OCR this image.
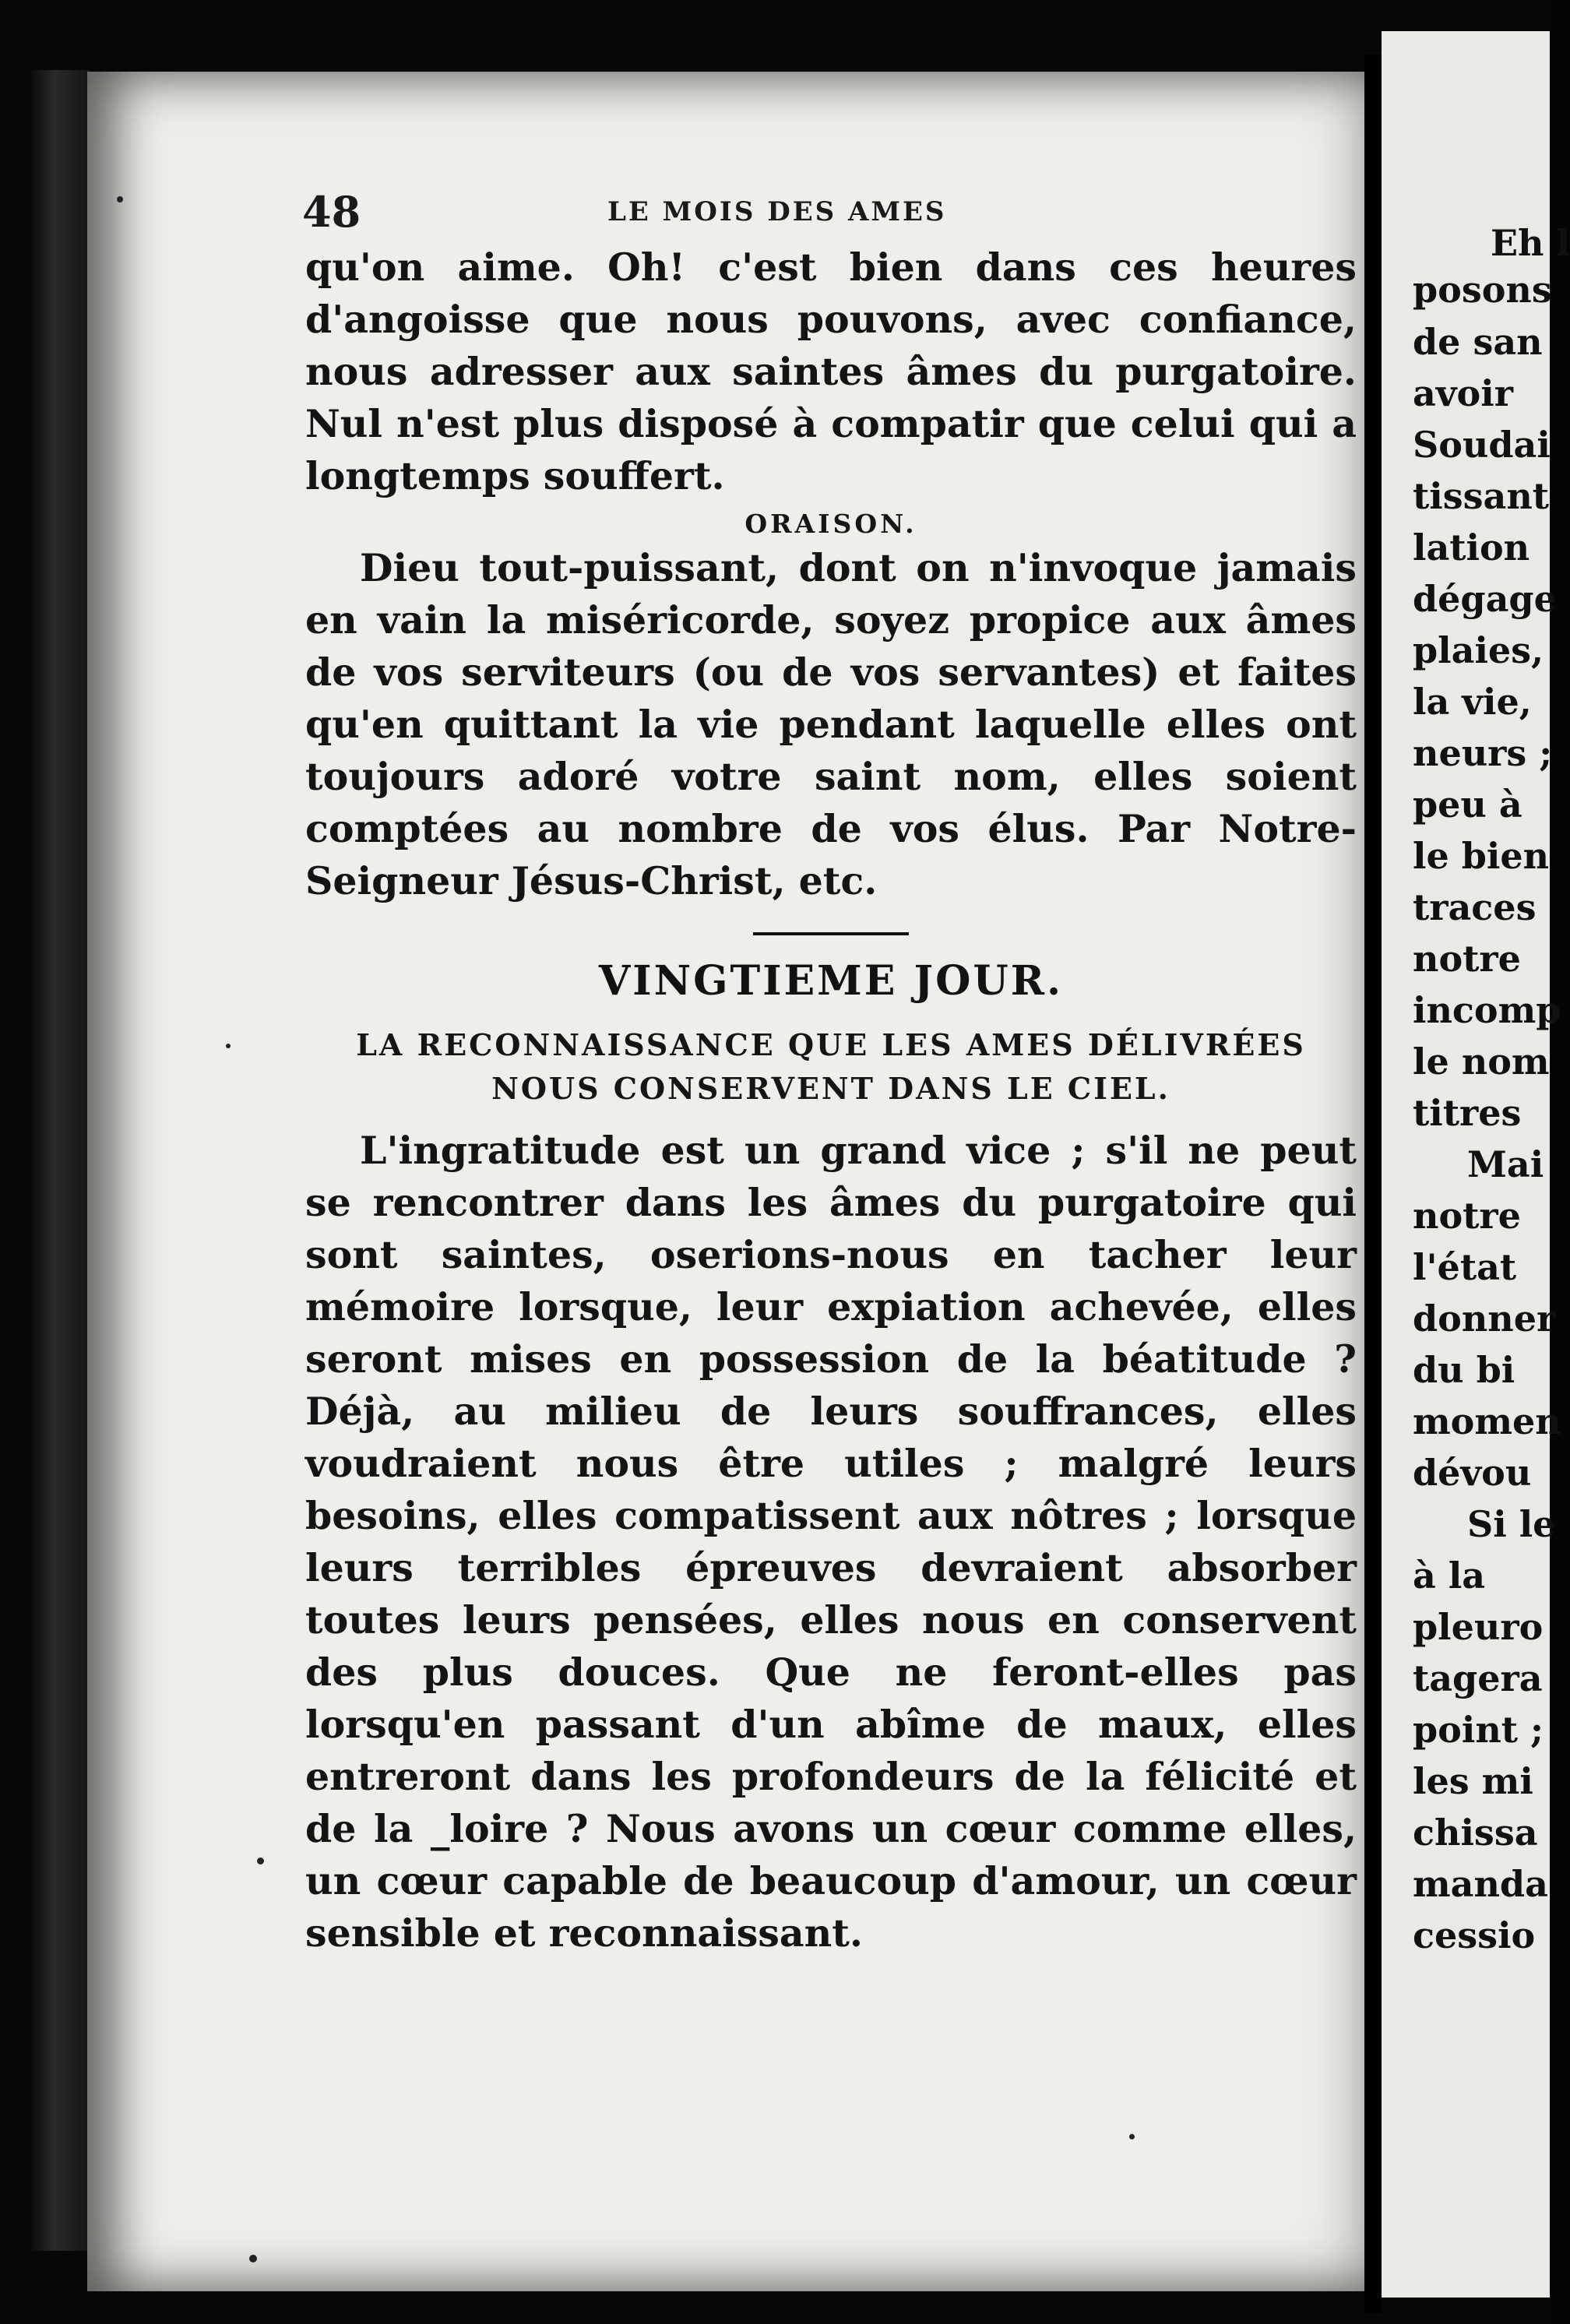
Eh l
posons
de san
avoir
Soudai
tissant
lation
dégage
plaies,
la vie,
neurs ;
peu à
le bien
traces
notre
incomp
le nom
titres
Mai
notre
l'état
donner
du bi
momen
dévou
Si le
à la
pleuro
tagera
point ;
les mi
chissa
manda
cessio
48	LE MOIS DES AMES

qu'on aime. Oh! c'est bien dans ces heures d'angoisse que nous pouvons, avec confiance, nous adresser aux saintes âmes du purgatoire. Nul n'est plus disposé à compatir que celui qui a longtemps souffert.

ORAISON.

Dieu tout-puissant, dont on n'invoque jamais en vain la miséricorde, soyez propice aux âmes de vos serviteurs (ou de vos servantes) et faites qu'en quittant la vie pendant laquelle elles ont toujours adoré votre saint nom, elles soient comptées au nombre de vos élus. Par Notre-Seigneur Jésus-Christ, etc.

VINGTIEME JOUR.
LA RECONNAISSANCE QUE LES AMES DÉLIVRÉES NOUS CONSERVENT DANS LE CIEL.

L'ingratitude est un grand vice ; s'il ne peut se rencontrer dans les âmes du purgatoire qui sont saintes, oserions-nous en tacher leur mémoire lorsque, leur expiation achevée, elles seront mises en possession de la béatitude ? Déjà, au milieu de leurs souffrances, elles voudraient nous être utiles ; malgré leurs besoins, elles compatissent aux nôtres ; lorsque leurs terribles épreuves devraient absorber toutes leurs pensées, elles nous en conservent des plus douces. Que ne feront-elles pas lorsqu'en passant d'un abîme de maux, elles entreront dans les profondeurs de la félicité et de la _loire ? Nous avons un cœur comme elles, un cœur capable de beaucoup d'amour, un cœur sensible et reconnaissant.
